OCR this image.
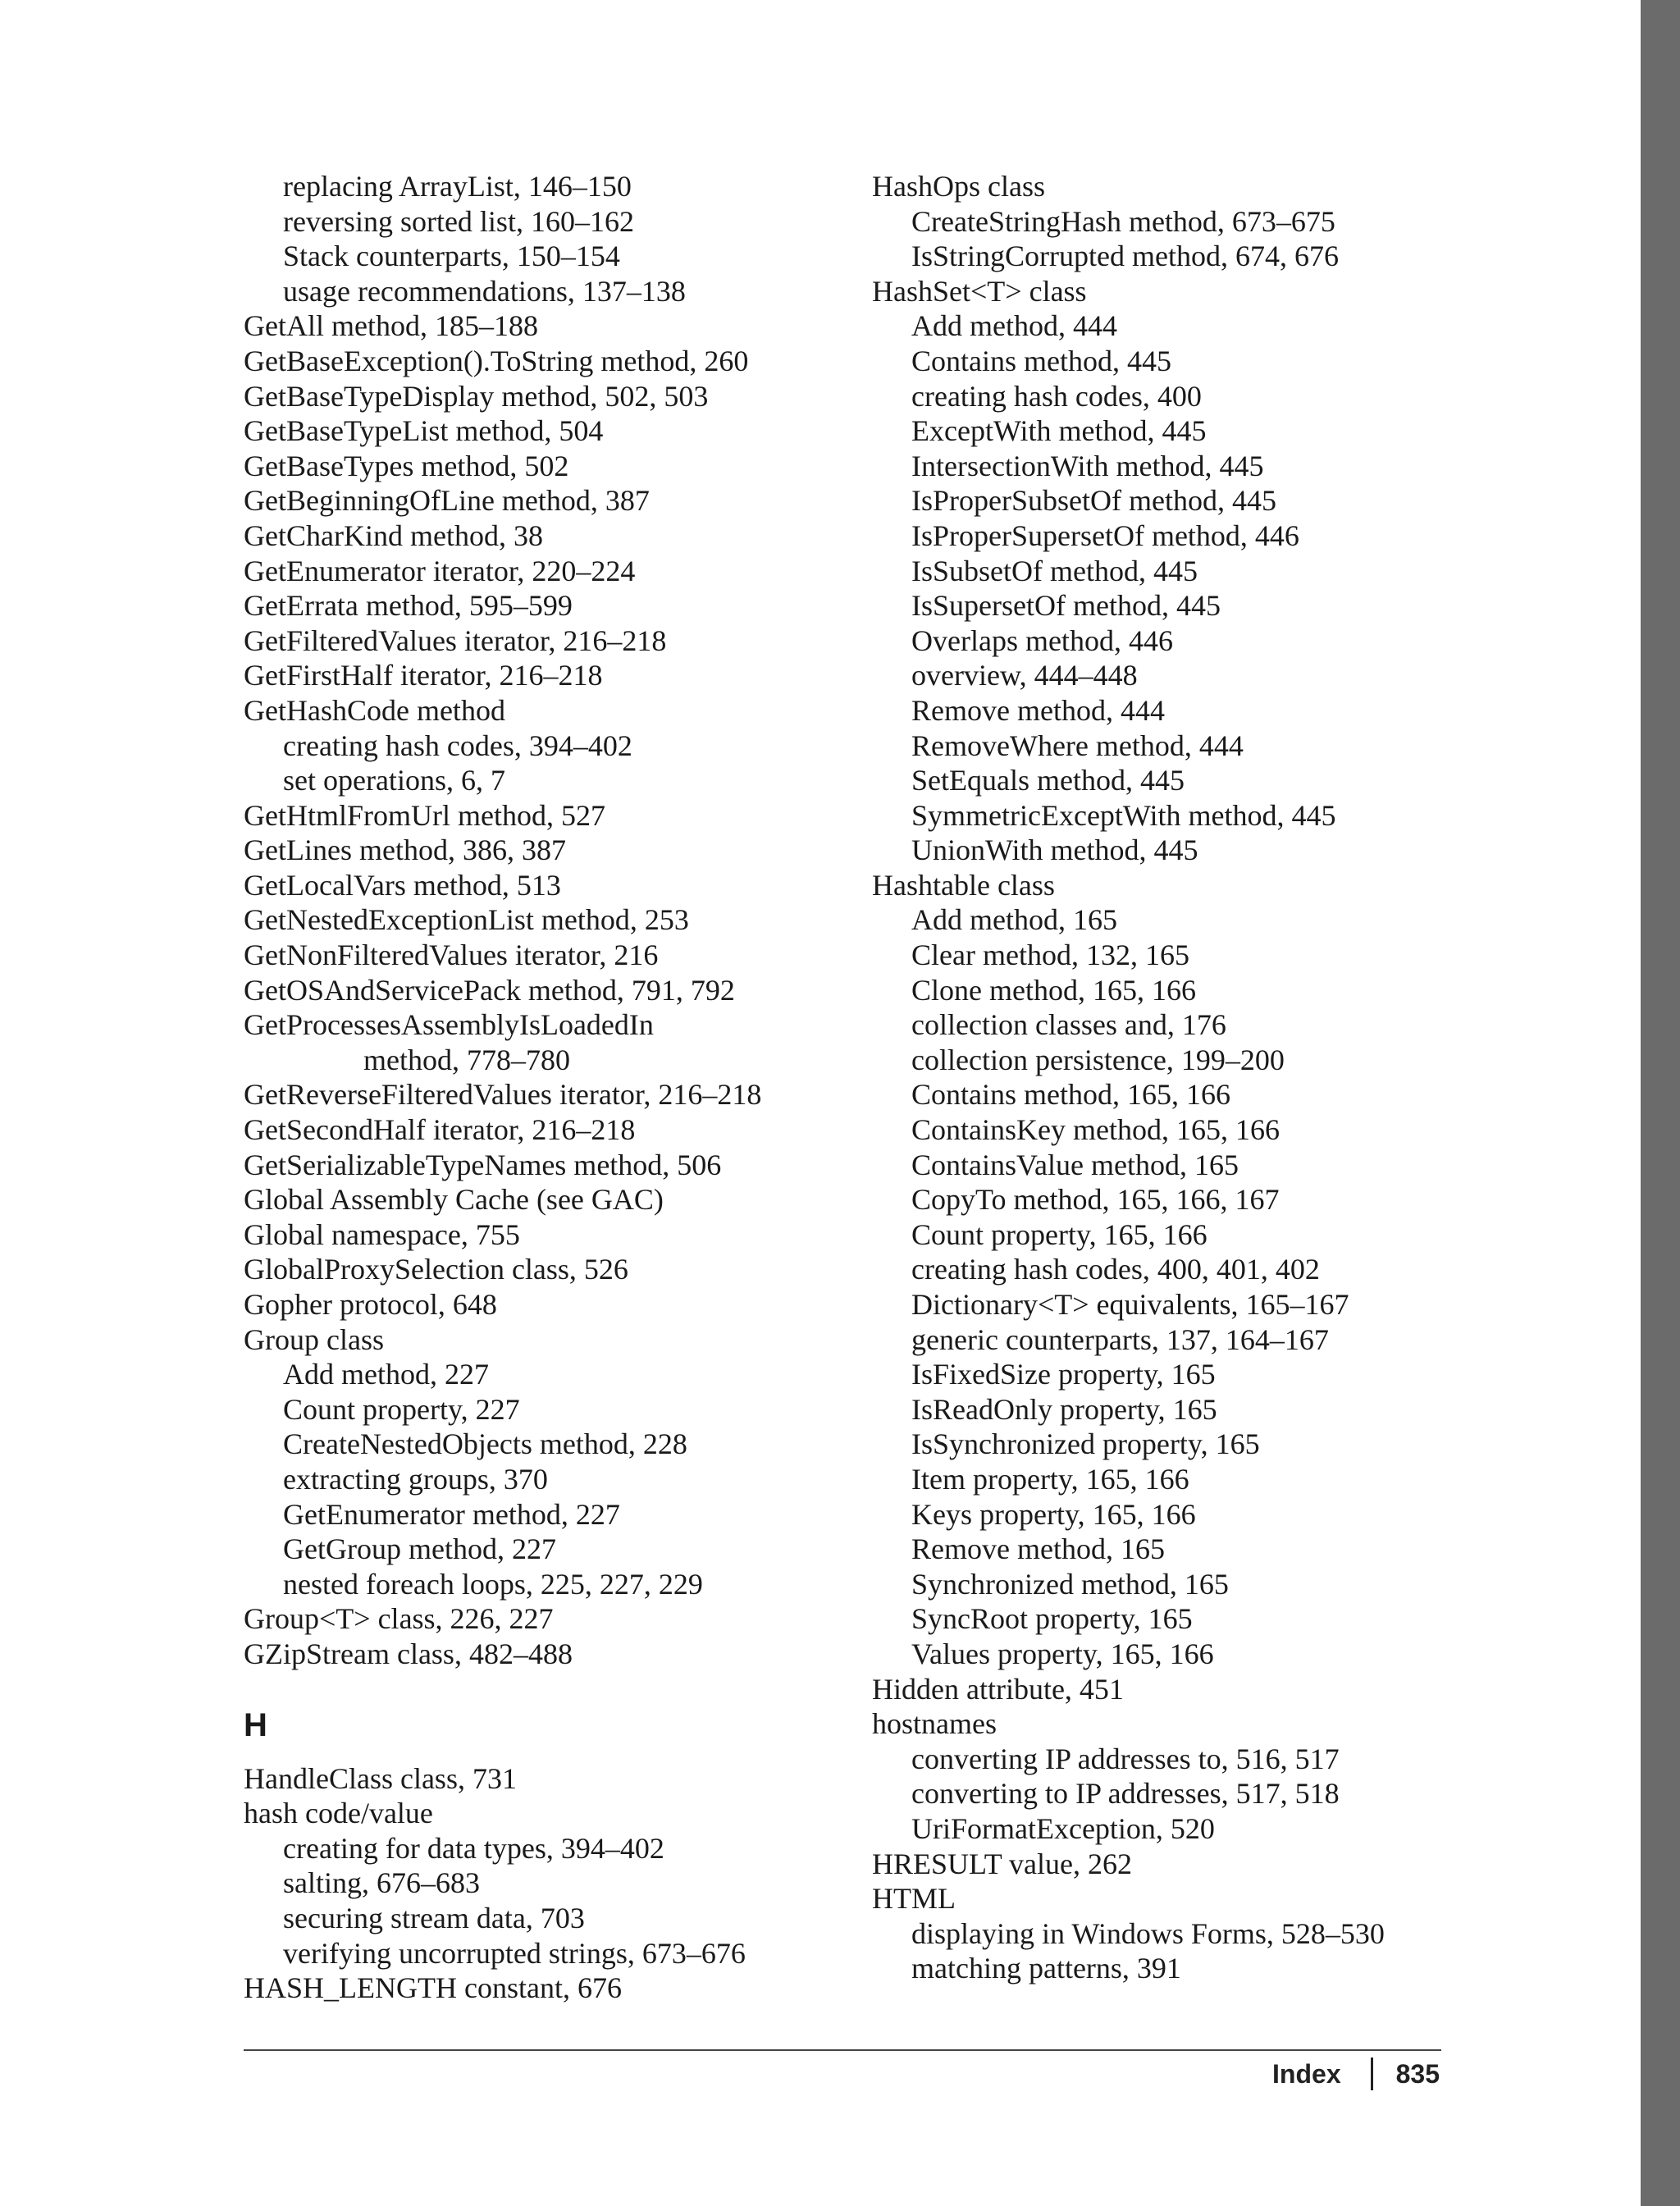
replacing ArrayList, 146–150
reversing sorted list, 160–162
Stack counterparts, 150–154
usage recommendations, 137–138
GetAll method, 185–188
GetBaseException().ToString method, 260
GetBaseTypeDisplay method, 502, 503
GetBaseTypeList method, 504
GetBaseTypes method, 502
GetBeginningOfLine method, 387
GetCharKind method, 38
GetEnumerator iterator, 220–224
GetErrata method, 595–599
GetFilteredValues iterator, 216–218
GetFirstHalf iterator, 216–218
GetHashCode method
creating hash codes, 394–402
set operations, 6, 7
GetHtmlFromUrl method, 527
GetLines method, 386, 387
GetLocalVars method, 513
GetNestedExceptionList method, 253
GetNonFilteredValues iterator, 216
GetOSAndServicePack method, 791, 792
GetProcessesAssemblyIsLoadedIn
method, 778–780
GetReverseFilteredValues iterator, 216–218
GetSecondHalf iterator, 216–218
GetSerializableTypeNames method, 506
Global Assembly Cache (see GAC)
Global namespace, 755
GlobalProxySelection class, 526
Gopher protocol, 648
Group class
Add method, 227
Count property, 227
CreateNestedObjects method, 228
extracting groups, 370
GetEnumerator method, 227
GetGroup method, 227
nested foreach loops, 225, 227, 229
Group<T> class, 226, 227
GZipStream class, 482–488
H
HandleClass class, 731
hash code/value
creating for data types, 394–402
salting, 676–683
securing stream data, 703
verifying uncorrupted strings, 673–676
HASH_LENGTH constant, 676
HashOps class
CreateStringHash method, 673–675
IsStringCorrupted method, 674, 676
HashSet<T> class
Add method, 444
Contains method, 445
creating hash codes, 400
ExceptWith method, 445
IntersectionWith method, 445
IsProperSubsetOf method, 445
IsProperSupersetOf method, 446
IsSubsetOf method, 445
IsSupersetOf method, 445
Overlaps method, 446
overview, 444–448
Remove method, 444
RemoveWhere method, 444
SetEquals method, 445
SymmetricExceptWith method, 445
UnionWith method, 445
Hashtable class
Add method, 165
Clear method, 132, 165
Clone method, 165, 166
collection classes and, 176
collection persistence, 199–200
Contains method, 165, 166
ContainsKey method, 165, 166
ContainsValue method, 165
CopyTo method, 165, 166, 167
Count property, 165, 166
creating hash codes, 400, 401, 402
Dictionary<T> equivalents, 165–167
generic counterparts, 137, 164–167
IsFixedSize property, 165
IsReadOnly property, 165
IsSynchronized property, 165
Item property, 165, 166
Keys property, 165, 166
Remove method, 165
Synchronized method, 165
SyncRoot property, 165
Values property, 165, 166
Hidden attribute, 451
hostnames
converting IP addresses to, 516, 517
converting to IP addresses, 517, 518
UriFormatException, 520
HRESULT value, 262
HTML
displaying in Windows Forms, 528–530
matching patterns, 391
Index 835
